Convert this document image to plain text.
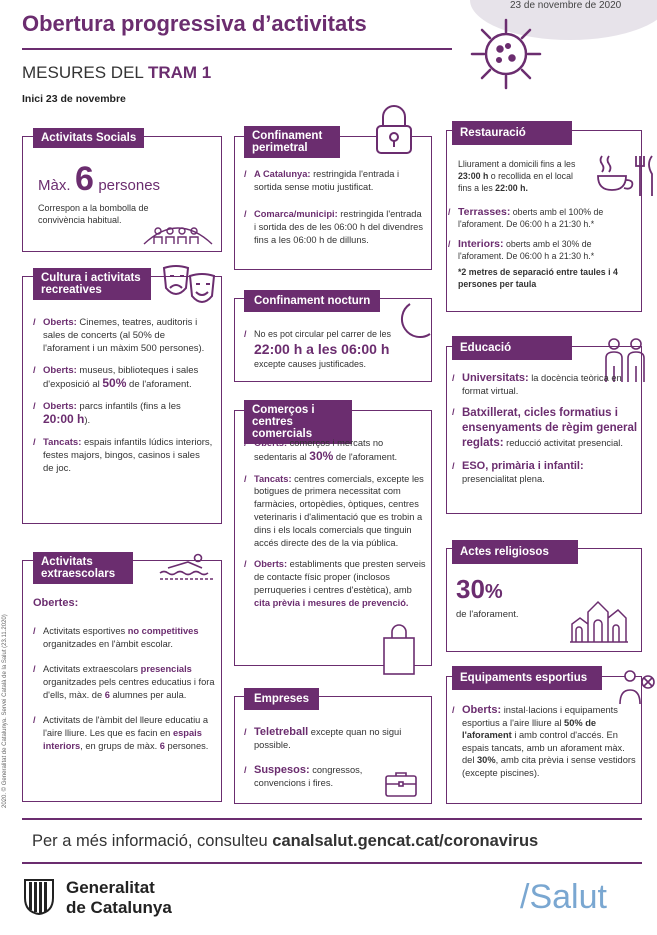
23 de novembre de 2020
Obertura progressiva d’activitats
MESURES DEL TRAM 1
Inici 23 de novembre
2020. © Generalitat de Catalunya. Servei Català de la Salut (23.11.2020)
Activitats Socials
Màx. 6 persones
Correspon a la bombolla de convivència habitual.
Cultura i activitats recreatives
/ Oberts: Cinemes, teatres, auditoris i sales de concerts (al 50% de l'aforament i un màxim 500 persones).
/ Oberts: museus, biblioteques i sales d'exposició al 50% de l'aforament.
/ Oberts: parcs infantils (fins a les 20:00 h).
/ Tancats: espais infantils lúdics interiors, festes majors, bingos, casinos i sales de joc.
Activitats extraescolars
Obertes:
/ Activitats esportives no competitives organitzades en l'àmbit escolar.
/ Activitats extraescolars presencials organitzades pels centres educatius i fora d'ells, màx. de 6 alumnes per aula.
/ Activitats de l'àmbit del lleure educatiu a l'aire lliure. Les que es facin en espais interiors, en grups de màx. 6 persones.
Confinament perimetral
/ A Catalunya: restringida l'entrada i sortida sense motiu justificat.
/ Comarca/municipi: restringida l'entrada i sortida des de les 06:00 h del divendres fins a les 06:00 h de dilluns.
Confinament nocturn
/ No es pot circular pel carrer de les
22:00 h a les 06:00 h
excepte causes justificades.
Comerços i centres comercials
/ Oberts: comerços i mercats no sedentaris al 30% de l'aforament.
/ Tancats: centres comercials, excepte les botigues de primera necessitat com farmàcies, ortopèdies, òptiques, centres veterinaris i d'alimentació que es trobin a dins i els locals comercials que tinguin accés directe des de la via pública.
/ Oberts: establiments que presten serveis de contacte físic proper (inclosos perruqueries i centres d'estètica), amb cita prèvia i mesures de prevenció.
Empreses
/ Teletreball excepte quan no sigui possible.
/ Suspesos: congressos, convencions i fires.
Restauració
Lliurament a domicili fins a les 23:00 h o recollida en el local fins a les 22:00 h.
/ Terrasses: oberts amb el 100% de l'aforament. De 06:00 h a 21:30 h.*
/ Interiors: oberts amb el 30% de l'aforament. De 06:00 h a 21:30 h.*
*2 metres de separació entre taules i 4 persones per taula
Educació
/ Universitats: la docència teòrica en format virtual.
/ Batxillerat, cicles formatius i ensenyaments de règim general reglats: reducció activitat presencial.
/ ESO, primària i infantil: presencialitat plena.
Actes religiosos
30%
de l'aforament.
Equipaments esportius
/ Oberts: instal·lacions i equipaments esportius a l'aire lliure al 50% de l'aforament i amb control d'accés. En espais tancats, amb un aforament màx. del 30%, amb cita prèvia i sense vestidors (excepte piscines).
Per a més informació, consulteu canalsalut.gencat.cat/coronavirus
Generalitat
de Catalunya	/Salut
